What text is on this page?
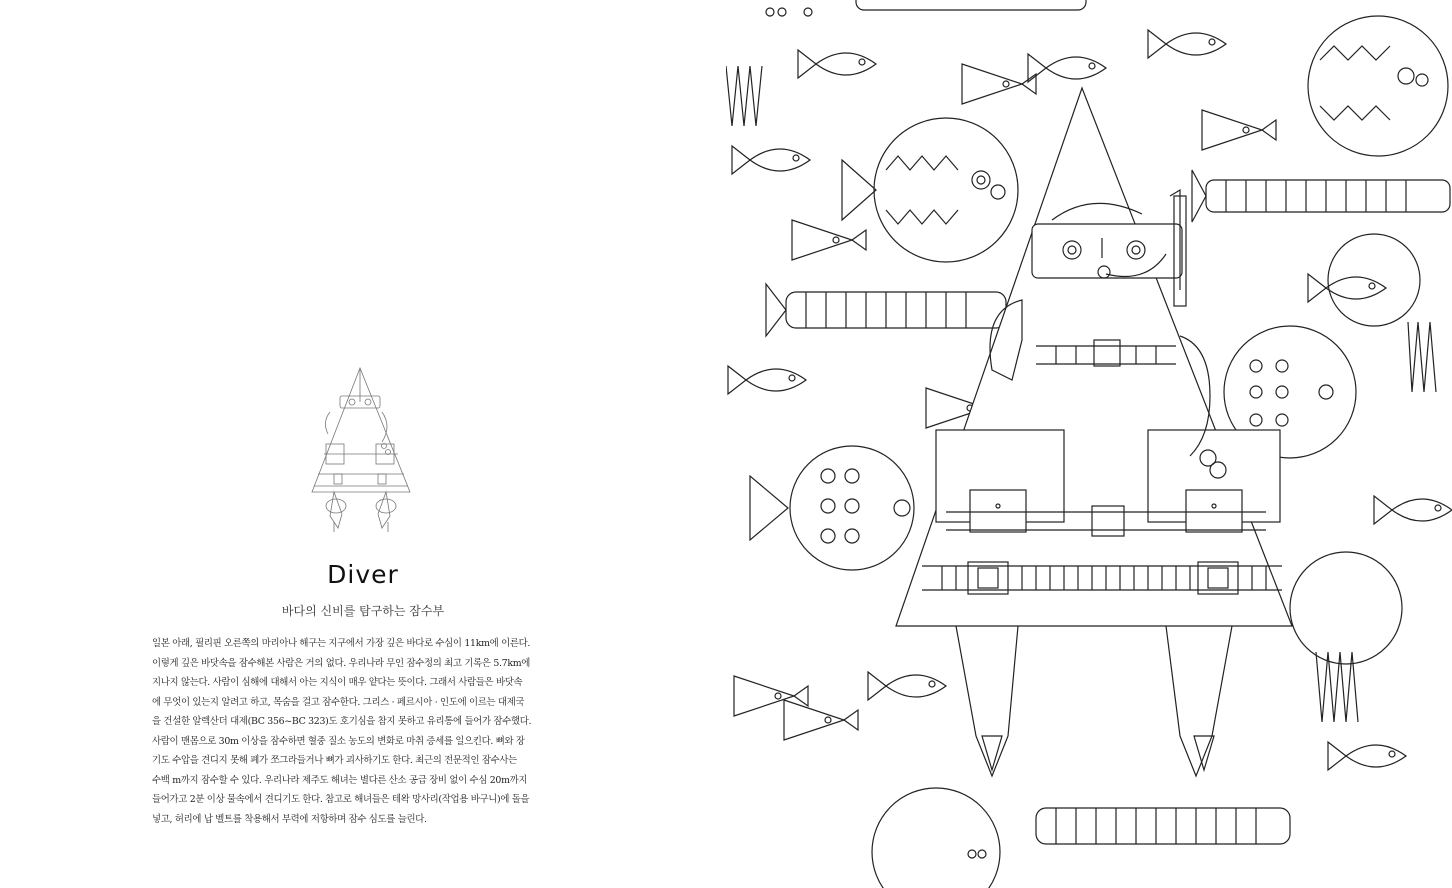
Diver
바다의 신비를 탐구하는 잠수부
일본 아래, 필리핀 오른쪽의 마리아나 해구는 지구에서 가장 깊은 바다로 수심이 11km에 이른다.
이렇게 깊은 바닷속을 잠수해본 사람은 거의 없다. 우리나라 무인 잠수정의 최고 기록은 5.7km에
지나지 않는다. 사람이 심해에 대해서 아는 지식이 매우 얕다는 뜻이다. 그래서 사람들은 바닷속
에 무엇이 있는지 알려고 하고, 목숨을 걸고 잠수한다. 그리스 · 페르시아 · 인도에 이르는 대제국
을 건설한 알렉산더 대제(BC 356~BC 323)도 호기심을 참지 못하고 유리통에 들어가 잠수했다.
사람이 맨몸으로 30m 이상을 잠수하면 혈중 질소 농도의 변화로 마취 증세를 일으킨다. 뼈와 장
기도 수압을 견디지 못해 폐가 쪼그라들거나 뼈가 괴사하기도 한다. 최근의 전문적인 잠수사는
수백 m까지 잠수할 수 있다. 우리나라 제주도 해녀는 별다른 산소 공급 장비 없이 수심 20m까지
들어가고 2분 이상 물속에서 견디기도 한다. 참고로 해녀들은 테왁 망사리(작업용 바구니)에 돌을
넣고, 허리에 납 벨트를 착용해서 부력에 저항하며 잠수 심도를 늘린다.
